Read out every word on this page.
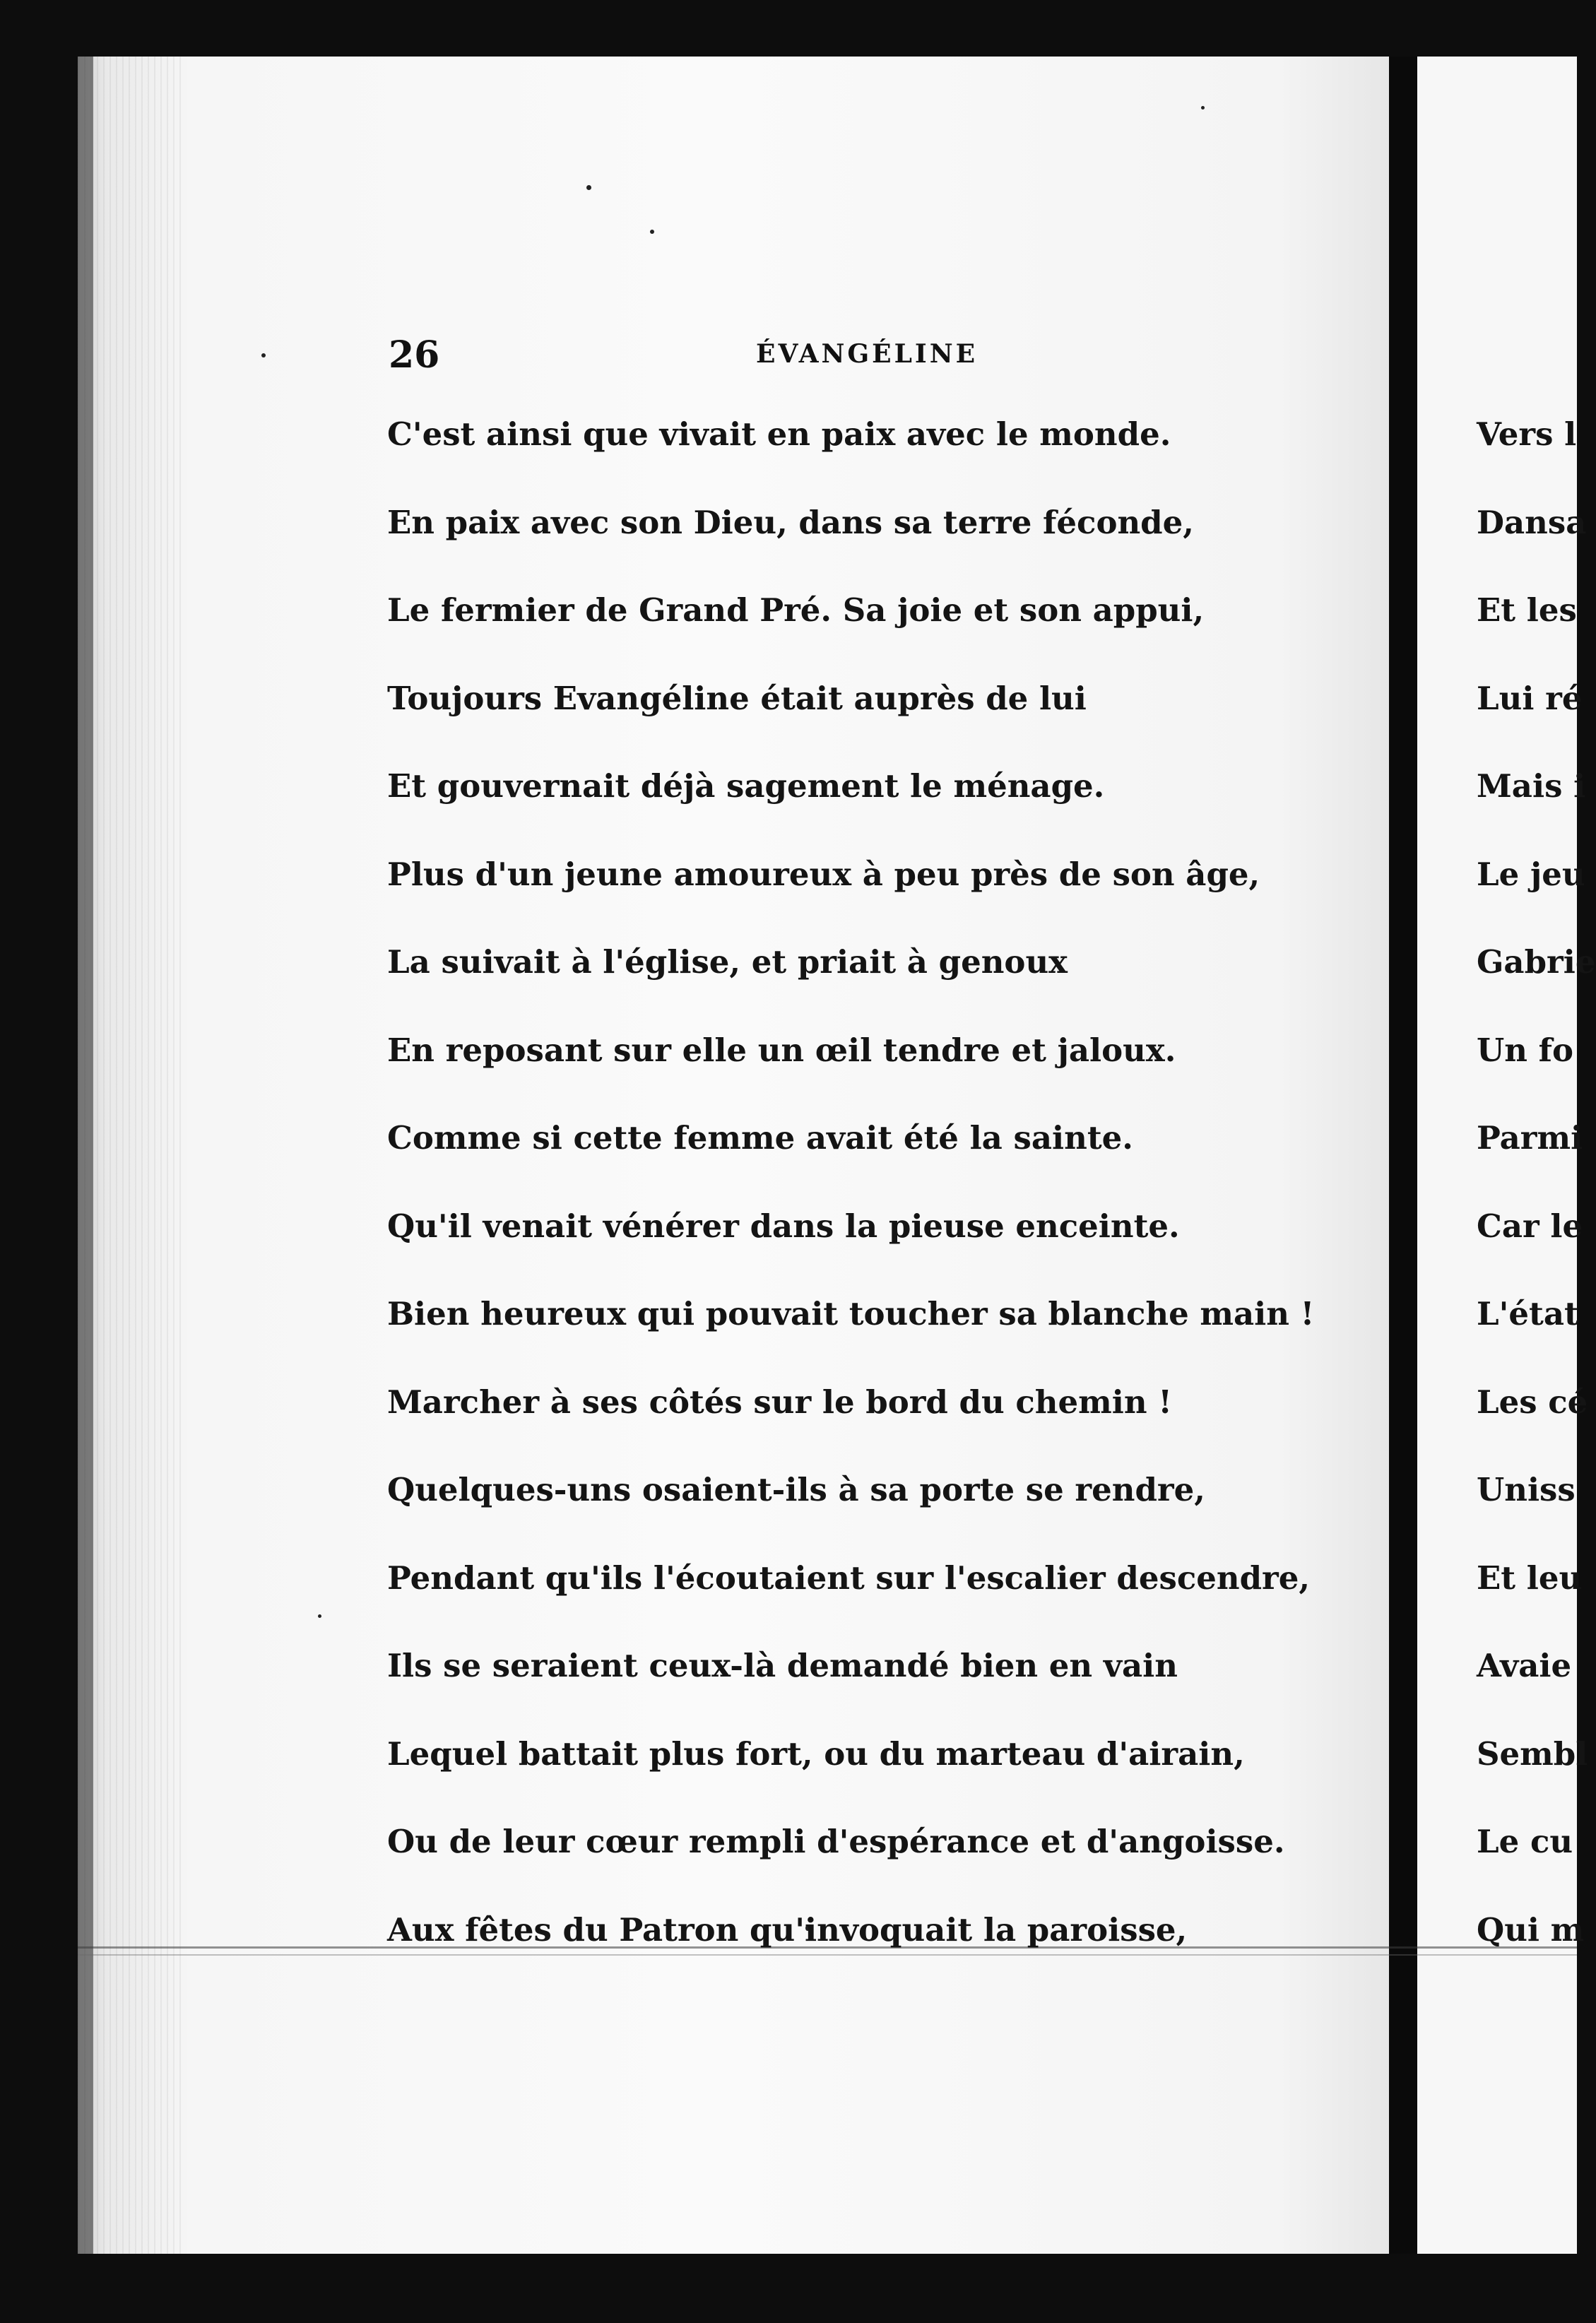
26	ÉVANGÉLINE
C'est ainsi que vivait en paix avec le monde.
En paix avec son Dieu, dans sa terre féconde,
Le fermier de Grand Pré. Sa joie et son appui,
Toujours Evangéline était auprès de lui
Et gouvernait déjà sagement le ménage.
Plus d'un jeune amoureux à peu près de son âge,
La suivait à l'église, et priait à genoux
En reposant sur elle un œil tendre et jaloux.
Comme si cette femme avait été la sainte.
Qu'il venait vénérer dans la pieuse enceinte.
Bien heureux qui pouvait toucher sa blanche main !
Marcher à ses côtés sur le bord du chemin !
Quelques-uns osaient-ils à sa porte se rendre,
Pendant qu'ils l'écoutaient sur l'escalier descendre,
Ils se seraient ceux-là demandé bien en vain
Lequel battait plus fort, ou du marteau d'airain,
Ou de leur cœur rempli d'espérance et d'angoisse.
Aux fêtes du Patron qu'invoquait la paroisse,
Vers l
Dansa
Et les
Lui ré
Mais i
Le jeu
Gabrie
Un fo
Parmi
Car le
L'état
Les cé
Uniss
Et leu
Avaie
Sembl
Le cu
Qui m
